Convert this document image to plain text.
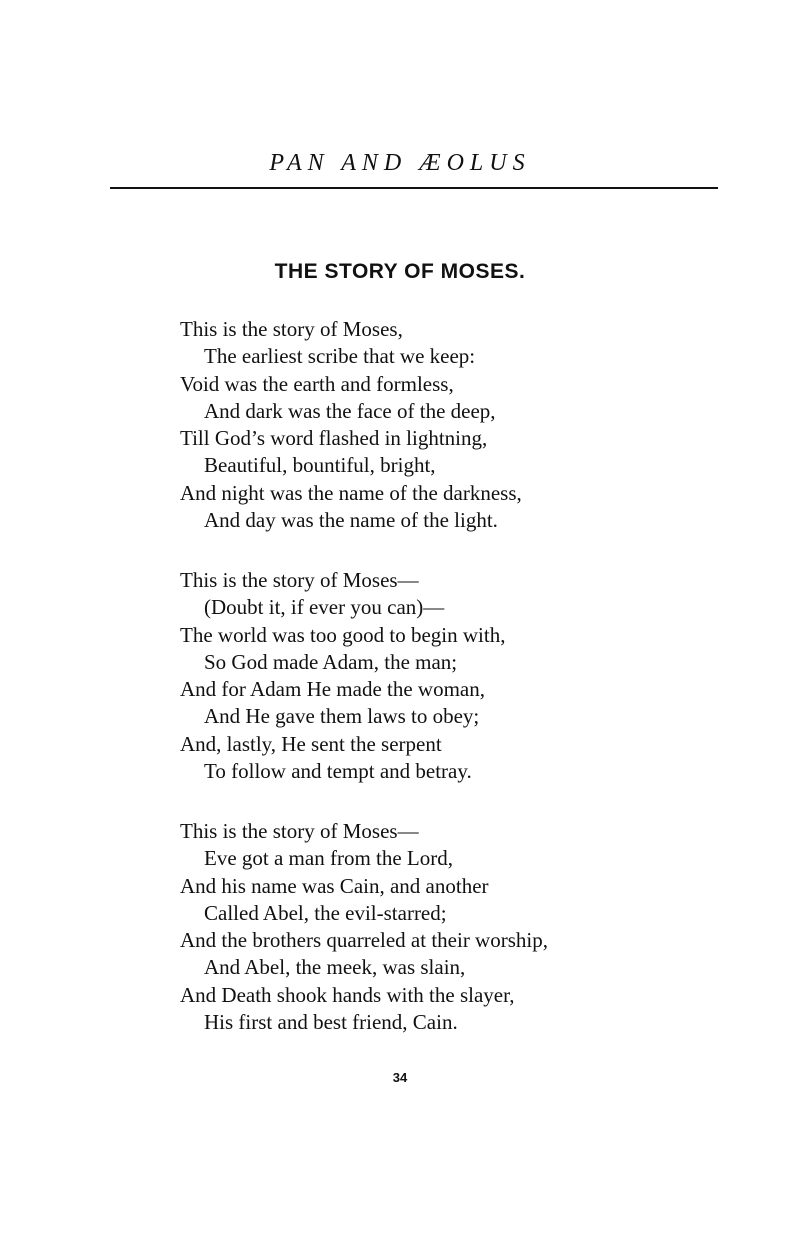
PAN AND ÆOLUS
THE STORY OF MOSES.
This is the story of Moses,
The earliest scribe that we keep:
Void was the earth and formless,
And dark was the face of the deep,
Till God’s word flashed in lightning,
Beautiful, bountiful, bright,
And night was the name of the darkness,
And day was the name of the light.
This is the story of Moses—
(Doubt it, if ever you can)—
The world was too good to begin with,
So God made Adam, the man;
And for Adam He made the woman,
And He gave them laws to obey;
And, lastly, He sent the serpent
To follow and tempt and betray.
This is the story of Moses—
Eve got a man from the Lord,
And his name was Cain, and another
Called Abel, the evil-starred;
And the brothers quarreled at their worship,
And Abel, the meek, was slain,
And Death shook hands with the slayer,
His first and best friend, Cain.
34
